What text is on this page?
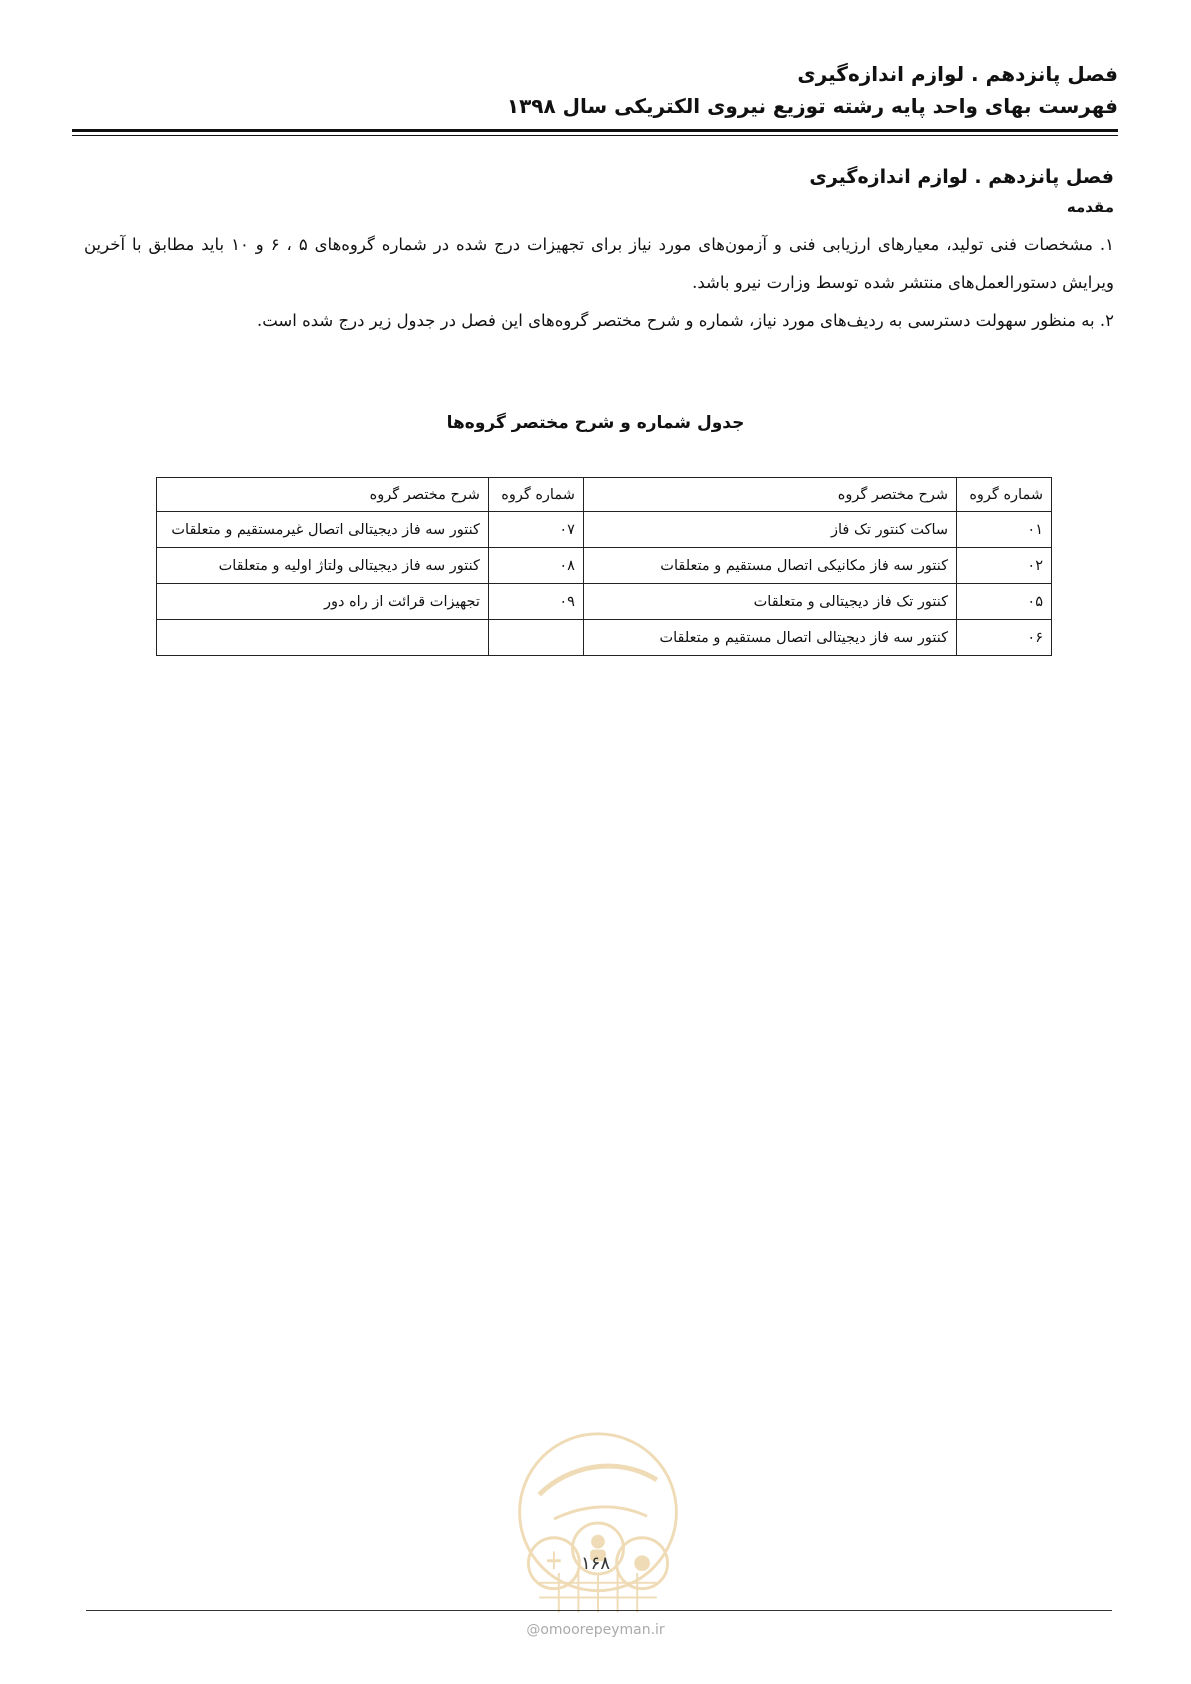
فصل پانزدهم . لوازم اندازه‌گیری
فهرست بهای واحد پایه رشته توزیع نیروی الکتریکی سال ۱۳۹۸
فصل پانزدهم . لوازم اندازه‌گیری
مقدمه

۱. مشخصات فنی تولید، معیارهای ارزیابی فنی و آزمون‌های مورد نیاز برای تجهیزات درج شده در شماره گروه‌های ۵ ، ۶ و ۱۰ باید مطابق با آخرین ویرایش دستورالعمل‌های منتشر شده توسط وزارت نیرو باشد.

۲. به منظور سهولت دسترسی به ردیف‌های مورد نیاز، شماره و شرح مختصر گروه‌های این فصل در جدول زیر درج شده است.

جدول شماره و شرح مختصر گروه‌ها
شماره گروه	شرح مختصر گروه	شماره گروه	شرح مختصر گروه
۰۱	ساکت کنتور تک فاز	۰۷	کنتور سه فاز دیجیتالی اتصال غیرمستقیم و متعلقات
۰۲	کنتور سه فاز مکانیکی اتصال مستقیم و متعلقات	۰۸	کنتور سه فاز دیجیتالی ولتاژ اولیه و متعلقات
۰۵	کنتور تک فاز دیجیتالی و متعلقات	۰۹	تجهیزات قرائت از راه دور
۰۶	کنتور سه فاز دیجیتالی اتصال مستقیم و متعلقات		
۱۶۸
@omoorepeyman.ir
